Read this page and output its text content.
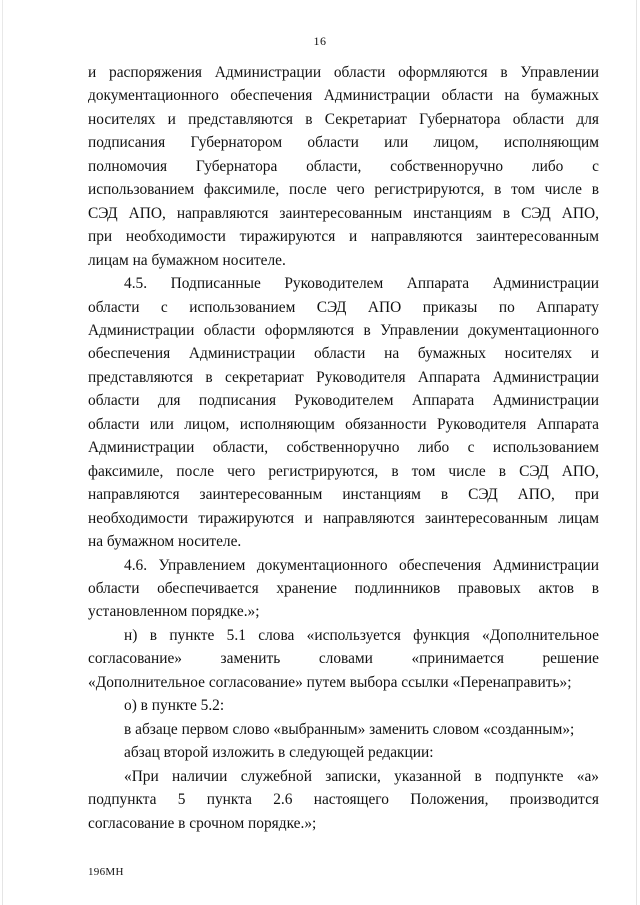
16
и распоряжения Администрации области оформляются в Управлении
документационного обеспечения Администрации области на бумажных
носителях и представляются в Секретариат Губернатора области для
подписания Губернатором области или лицом, исполняющим
полномочия Губернатора области, собственноручно либо с
использованием факсимиле, после чего регистрируются, в том числе в
СЭД АПО, направляются заинтересованным инстанциям в СЭД АПО,
при необходимости тиражируются и направляются заинтересованным
лицам на бумажном носителе.
4.5. Подписанные Руководителем Аппарата Администрации
области с использованием СЭД АПО приказы по Аппарату
Администрации области оформляются в Управлении документационного
обеспечения Администрации области на бумажных носителях и
представляются в секретариат Руководителя Аппарата Администрации
области для подписания Руководителем Аппарата Администрации
области или лицом, исполняющим обязанности Руководителя Аппарата
Администрации области, собственноручно либо с использованием
факсимиле, после чего регистрируются, в том числе в СЭД АПО,
направляются заинтересованным инстанциям в СЭД АПО, при
необходимости тиражируются и направляются заинтересованным лицам
на бумажном носителе.
4.6. Управлением документационного обеспечения Администрации
области обеспечивается хранение подлинников правовых актов в
установленном порядке.»;
н) в пункте 5.1 слова «используется функция «Дополнительное
согласование» заменить словами «принимается решение
«Дополнительное согласование» путем выбора ссылки «Перенаправить»;
о) в пункте 5.2:
в абзаце первом слово «выбранным» заменить словом «созданным»;
абзац второй изложить в следующей редакции:
«При наличии служебной записки, указанной в подпункте «а»
подпункта 5 пункта 2.6 настоящего Положения, производится
согласование в срочном порядке.»;
196МН
